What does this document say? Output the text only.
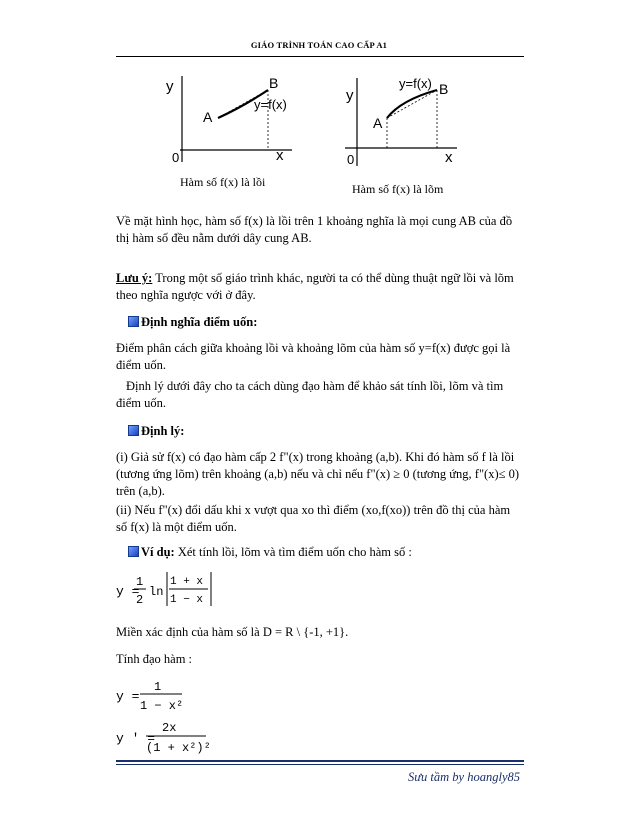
GIÁO TRÌNH TOÁN CAO CẤP A1
y
0	x
A
B
y=f(x)
Hàm số f(x) là lồi
y
0	x
A
B
y=f(x)
Hàm số f(x) là lõm
Về mặt hình học, hàm số f(x) là lồi trên 1 khoảng nghĩa là mọi cung AB của đồ thị hàm số đều nằm dưới dây cung AB.
Lưu ý: Trong một số giáo trình khác, người ta có thể dùng thuật ngữ lồi và lõm theo nghĩa ngược với ở đây.
Định nghĩa điểm uốn:
Điểm phân cách giữa khoảng lồi và khoảng lõm của hàm số y=f(x) được gọi là điểm uốn.
Định lý dưới đây cho ta cách dùng đạo hàm để khảo sát tính lồi, lõm và tìm điểm uốn.
Định lý:
(i) Giả sử f(x) có đạo hàm cấp 2 f"(x) trong khoảng (a,b). Khi đó hàm số f là lồi (tương ứng lõm) trên khoảng (a,b) nếu và chỉ nếu f"(x) ≥ 0 (tương ứng, f"(x)≤ 0) trên (a,b).
(ii) Nếu f"(x) đổi dấu khi x vượt qua xo thì điểm (xo,f(xo)) trên đồ thị của hàm số f(x) là một điểm uốn.
Ví dụ: Xét tính lồi, lõm và tìm điểm uốn cho hàm số :
y =
1
2
ln
1 + x
1 − x
Miền xác định của hàm số là D = R \ {-1, +1}.
Tính đạo hàm :
y =
1
1 − x²
y ' =
2x
(1 + x²)²
Sưu tầm by hoangly85
